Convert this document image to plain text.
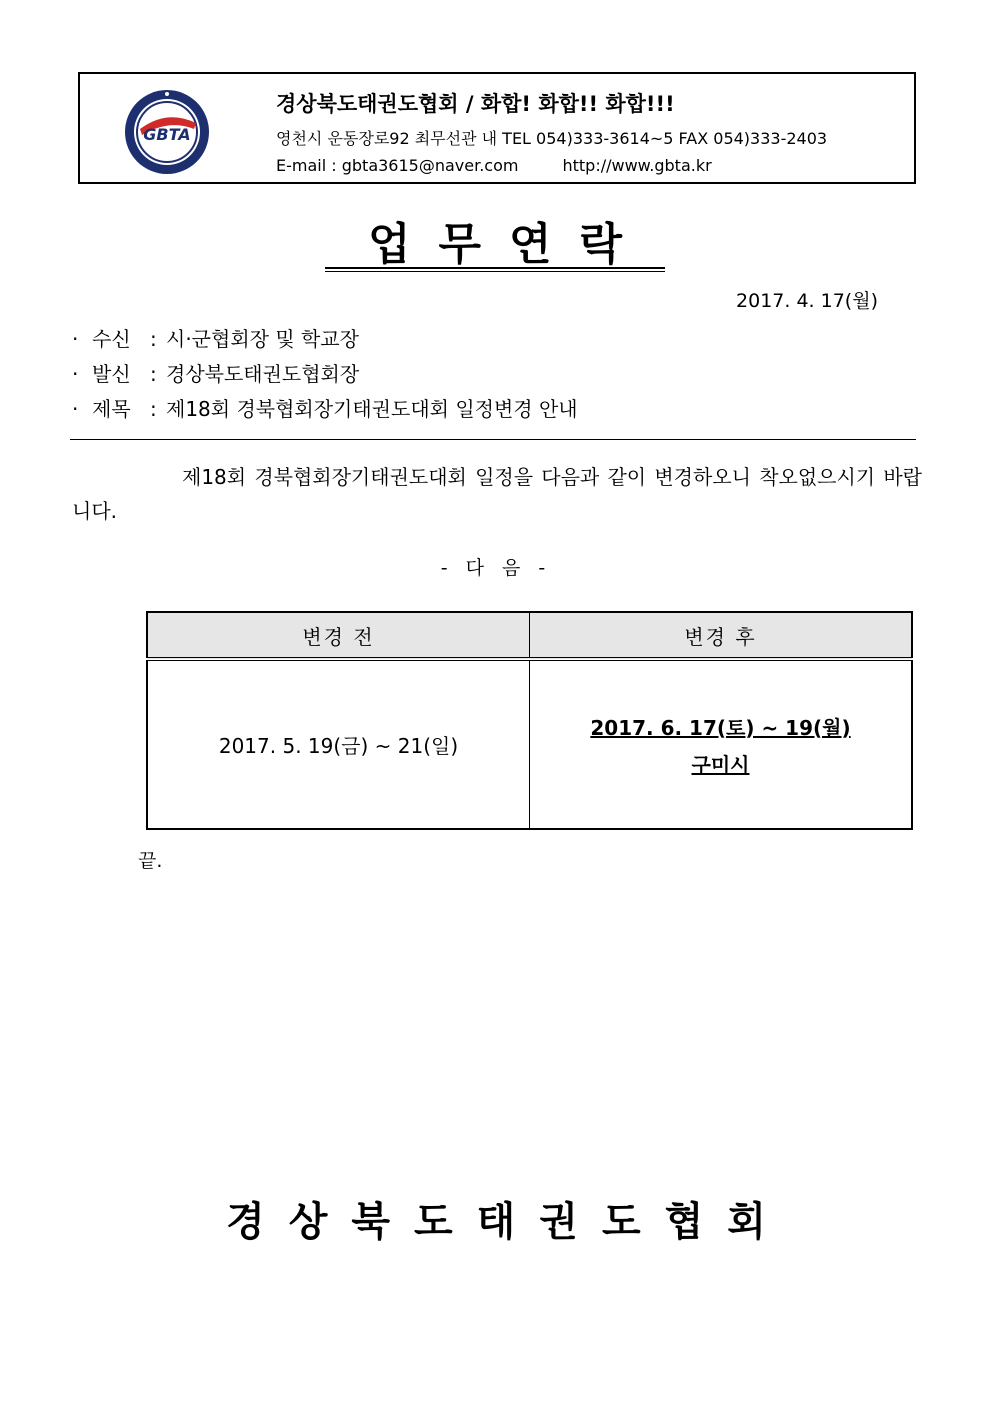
GBTA
경상북도태권도협회 / 화합! 화합!! 화합!!!
영천시 운동장로92 최무선관 내 TEL 054)333-3614~5 FAX 054)333-2403
E-mail : gbta3615@naver.com	http://www.gbta.kr
업무연락
2017. 4. 17(월)
· 수신 : 시·군협회장 및 학교장
· 발신 : 경상북도태권도협회장
· 제목 : 제18회 경북협회장기태권도대회 일정변경 안내
제18회 경북협회장기태권도대회 일정을 다음과 같이 변경하오니 착오없으시기 바랍니다.
- 다 음 -
변경 전	변경 후
2017. 5. 19(금) ~ 21(일)	2017. 6. 17(토) ~ 19(월)
구미시
끝.
경상북도태권도협회
